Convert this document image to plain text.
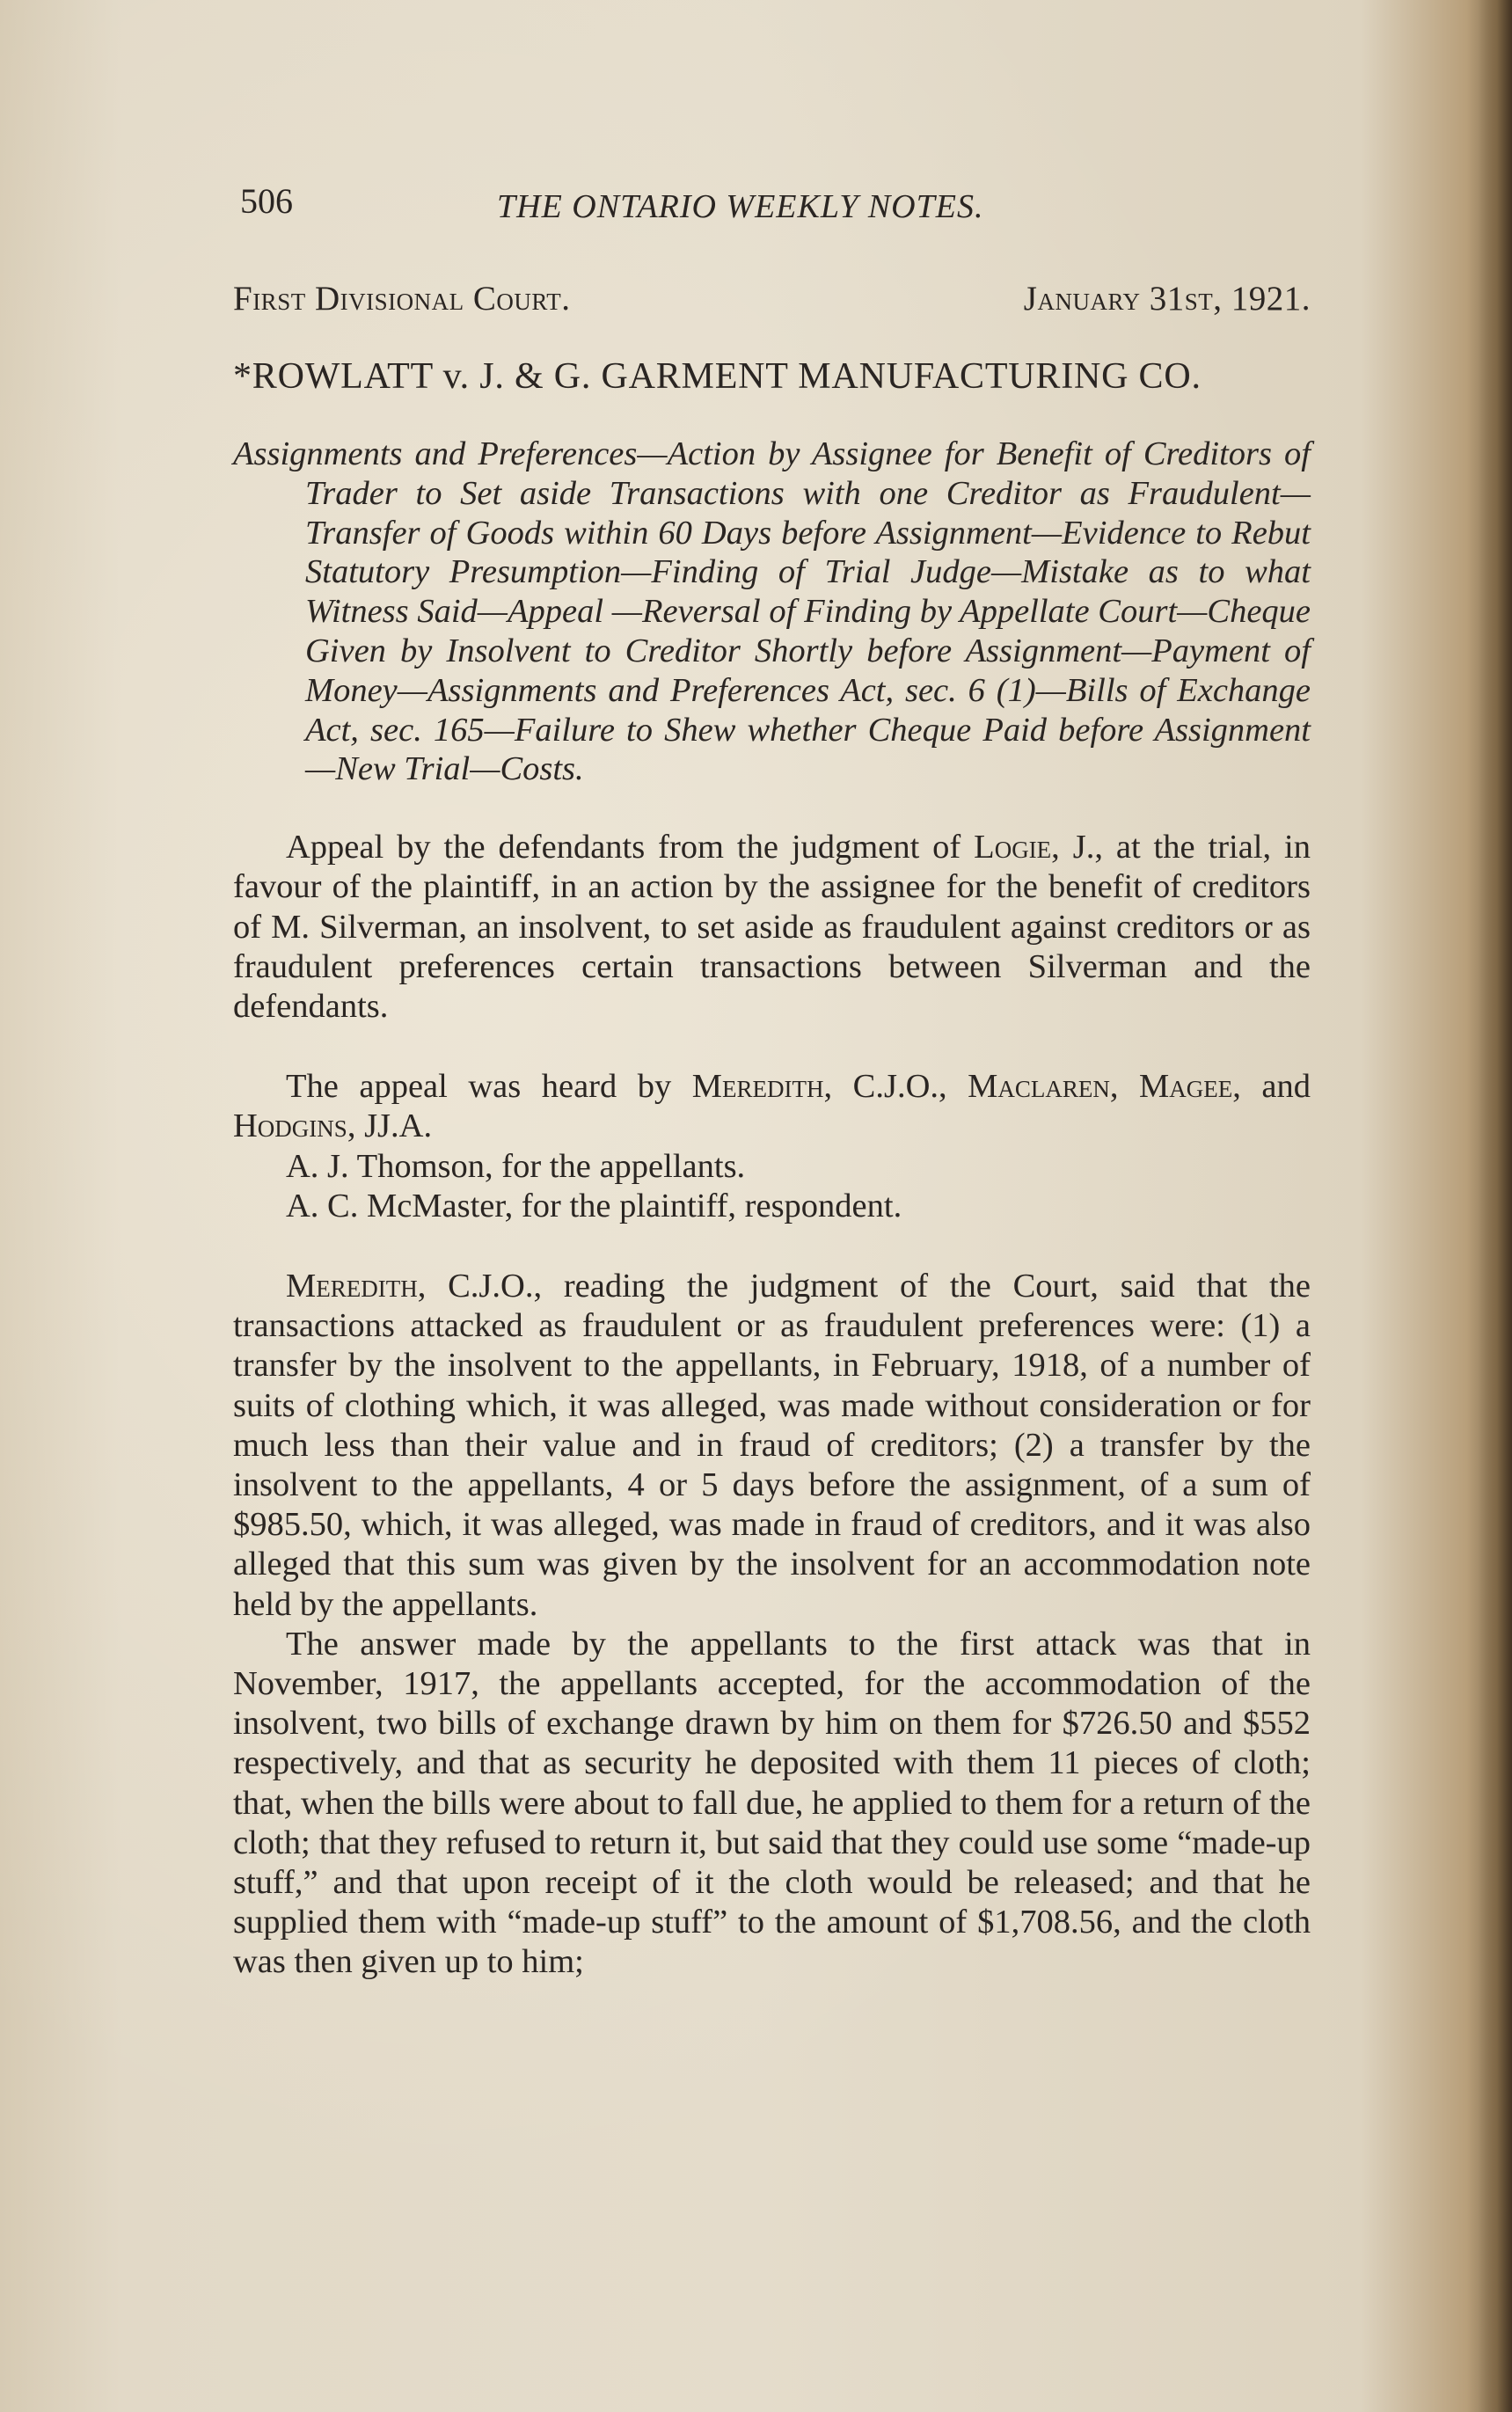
506	THE ONTARIO WEEKLY NOTES.
First Divisional Court.	January 31st, 1921.
*ROWLATT v. J. & G. GARMENT MANUFACTURING CO.

Assignments and Preferences—Action by Assignee for Benefit of Creditors of Trader to Set aside Transactions with one Creditor as Fraudulent—Transfer of Goods within 60 Days before Assignment—Evidence to Rebut Statutory Presumption—Finding of Trial Judge—Mistake as to what Witness Said—Appeal —Reversal of Finding by Appellate Court—Cheque Given by Insolvent to Creditor Shortly before Assignment—Payment of Money—Assignments and Preferences Act, sec. 6 (1)—Bills of Exchange Act, sec. 165—Failure to Shew whether Cheque Paid before Assignment—New Trial—Costs.

Appeal by the defendants from the judgment of Logie, J., at the trial, in favour of the plaintiff, in an action by the assignee for the benefit of creditors of M. Silverman, an insolvent, to set aside as fraudulent against creditors or as fraudulent preferences certain transactions between Silverman and the defendants.

The appeal was heard by Meredith, C.J.O., Maclaren, Magee, and Hodgins, JJ.A.

A. J. Thomson, for the appellants.

A. C. McMaster, for the plaintiff, respondent.

Meredith, C.J.O., reading the judgment of the Court, said that the transactions attacked as fraudulent or as fraudulent preferences were: (1) a transfer by the insolvent to the appellants, in February, 1918, of a number of suits of clothing which, it was alleged, was made without consideration or for much less than their value and in fraud of creditors; (2) a transfer by the insolvent to the appellants, 4 or 5 days before the assignment, of a sum of $985.50, which, it was alleged, was made in fraud of creditors, and it was also alleged that this sum was given by the insolvent for an accommodation note held by the appellants.

The answer made by the appellants to the first attack was that in November, 1917, the appellants accepted, for the accommodation of the insolvent, two bills of exchange drawn by him on them for $726.50 and $552 respectively, and that as security he deposited with them 11 pieces of cloth; that, when the bills were about to fall due, he applied to them for a return of the cloth; that they refused to return it, but said that they could use some “made-up stuff,” and that upon receipt of it the cloth would be released; and that he supplied them with “made-up stuff” to the amount of $1,708.56, and the cloth was then given up to him;
